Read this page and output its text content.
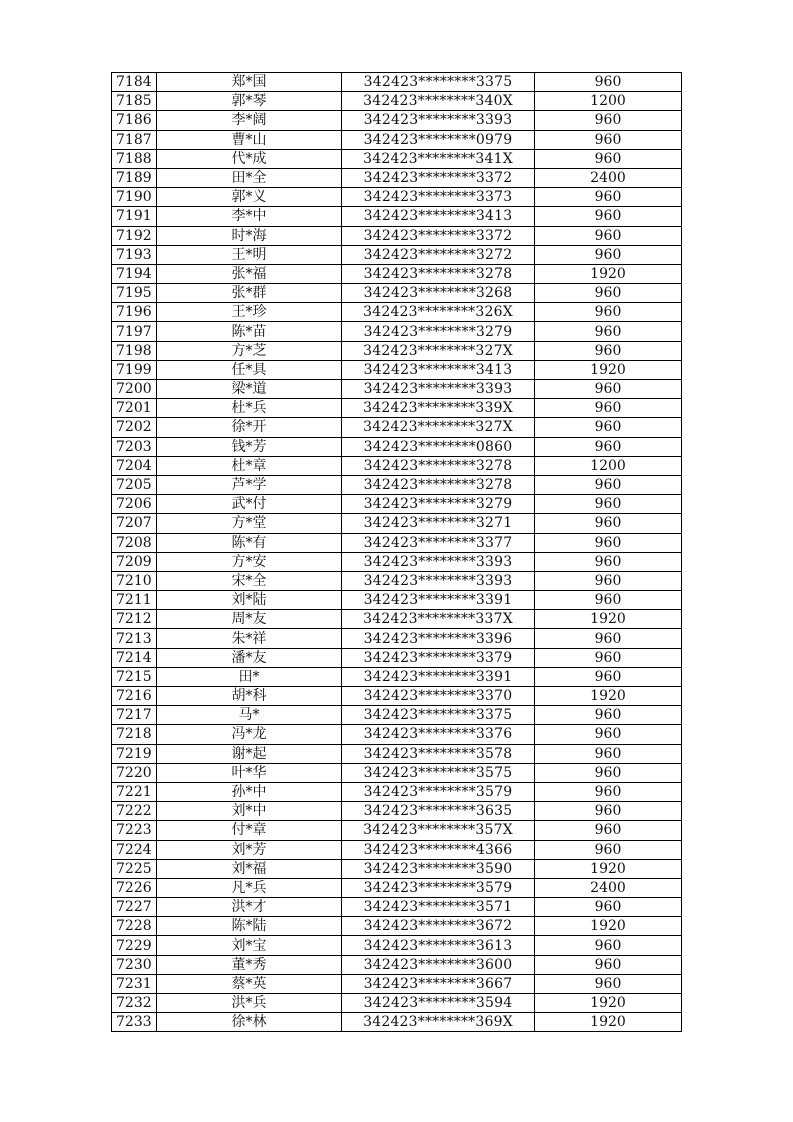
7184	郑*国	342423********3375	960
7185	郭*琴	342423********340X	1200
7186	李*阔	342423********3393	960
7187	曹*山	342423********0979	960
7188	代*成	342423********341X	960
7189	田*全	342423********3372	2400
7190	郭*义	342423********3373	960
7191	李*中	342423********3413	960
7192	时*海	342423********3372	960
7193	王*明	342423********3272	960
7194	张*福	342423********3278	1920
7195	张*群	342423********3268	960
7196	王*珍	342423********326X	960
7197	陈*苗	342423********3279	960
7198	方*芝	342423********327X	960
7199	任*具	342423********3413	1920
7200	梁*道	342423********3393	960
7201	杜*兵	342423********339X	960
7202	徐*开	342423********327X	960
7203	钱*芳	342423********0860	960
7204	杜*章	342423********3278	1200
7205	芦*学	342423********3278	960
7206	武*付	342423********3279	960
7207	方*堂	342423********3271	960
7208	陈*有	342423********3377	960
7209	方*安	342423********3393	960
7210	宋*全	342423********3393	960
7211	刘*陆	342423********3391	960
7212	周*友	342423********337X	1920
7213	朱*祥	342423********3396	960
7214	潘*友	342423********3379	960
7215	田*	342423********3391	960
7216	胡*科	342423********3370	1920
7217	马*	342423********3375	960
7218	冯*龙	342423********3376	960
7219	谢*起	342423********3578	960
7220	叶*华	342423********3575	960
7221	孙*中	342423********3579	960
7222	刘*中	342423********3635	960
7223	付*章	342423********357X	960
7224	刘*芳	342423********4366	960
7225	刘*福	342423********3590	1920
7226	凡*兵	342423********3579	2400
7227	洪*才	342423********3571	960
7228	陈*陆	342423********3672	1920
7229	刘*宝	342423********3613	960
7230	董*秀	342423********3600	960
7231	蔡*英	342423********3667	960
7232	洪*兵	342423********3594	1920
7233	徐*林	342423********369X	1920
